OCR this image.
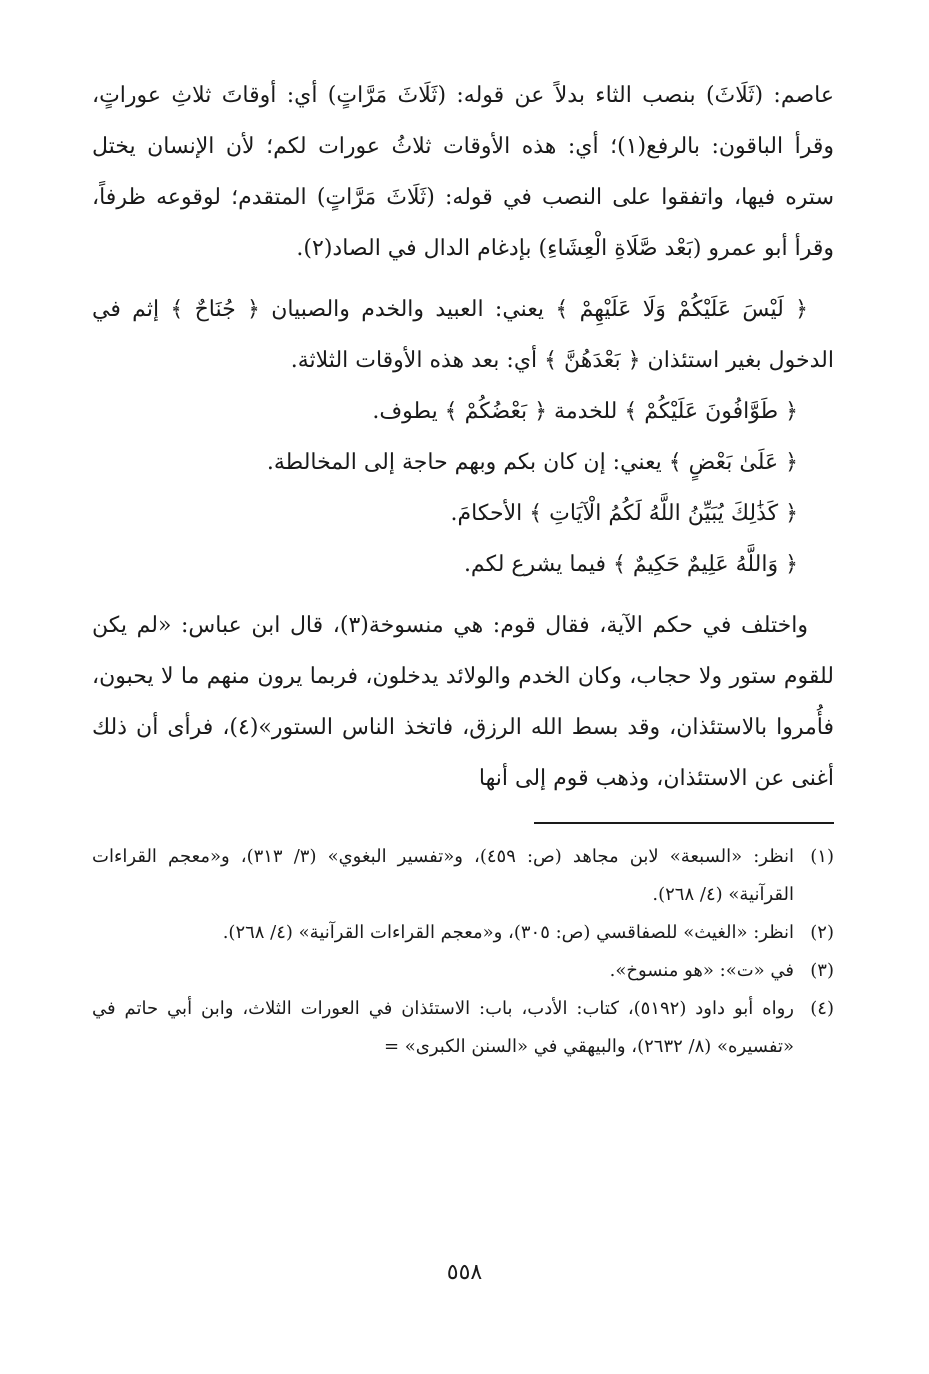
عاصم: (ثَلَاثَ) بنصب الثاء بدلاً عن قوله: (ثَلَاثَ مَرَّاتٍ) أي: أوقاتَ ثلاثِ عوراتٍ، وقرأ الباقون: بالرفع(١)؛ أي: هذه الأوقات ثلاثُ عورات لكم؛ لأن الإنسان يختل ستره فيها، واتفقوا على النصب في قوله: (ثَلَاثَ مَرَّاتٍ) المتقدم؛ لوقوعه ظرفاً، وقرأ أبو عمرو (بَعْد صَّلَاةِ الْعِشَاءِ) بإدغام الدال في الصاد(٢).

﴿ لَيْسَ عَلَيْكُمْ وَلَا عَلَيْهِمْ ﴾ يعني: العبيد والخدم والصبيان ﴿ جُنَاحٌ ﴾ إثم في الدخول بغير استئذان ﴿ بَعْدَهُنَّ ﴾ أي: بعد هذه الأوقات الثلاثة.

﴿ طَوَّافُونَ عَلَيْكُمْ ﴾ للخدمة ﴿ بَعْضُكُمْ ﴾ يطوف.

﴿ عَلَىٰ بَعْضٍ ﴾ يعني: إن كان بكم وبهم حاجة إلى المخالطة.

﴿ كَذَٰلِكَ يُبَيِّنُ اللَّهُ لَكُمُ الْآيَاتِ ﴾ الأحكامَ.

﴿ وَاللَّهُ عَلِيمٌ حَكِيمٌ ﴾ فيما يشرع لكم.

واختلف في حكم الآية، فقال قوم: هي منسوخة(٣)، قال ابن عباس: «لم يكن للقوم ستور ولا حجاب، وكان الخدم والولائد يدخلون، فربما يرون منهم ما لا يحبون، فأُمروا بالاستئذان، وقد بسط الله الرزق، فاتخذ الناس الستور»(٤)، فرأى أن ذلك أغنى عن الاستئذان، وذهب قوم إلى أنها

(١)
انظر: «السبعة» لابن مجاهد (ص: ٤٥٩)، و«تفسير البغوي» (٣/ ٣١٣)، و«معجم القراءات القرآنية» (٤/ ٢٦٨).
(٢)
انظر: «الغيث» للصفاقسي (ص: ٣٠٥)، و«معجم القراءات القرآنية» (٤/ ٢٦٨).
(٣)
في «ت»: «هو منسوخ».
(٤)
رواه أبو داود (٥١٩٢)، كتاب: الأدب، باب: الاستئذان في العورات الثلاث، وابن أبي حاتم في «تفسيره» (٨/ ٢٦٣٢)، والبيهقي في «السنن الكبرى» =
٥٥٨
